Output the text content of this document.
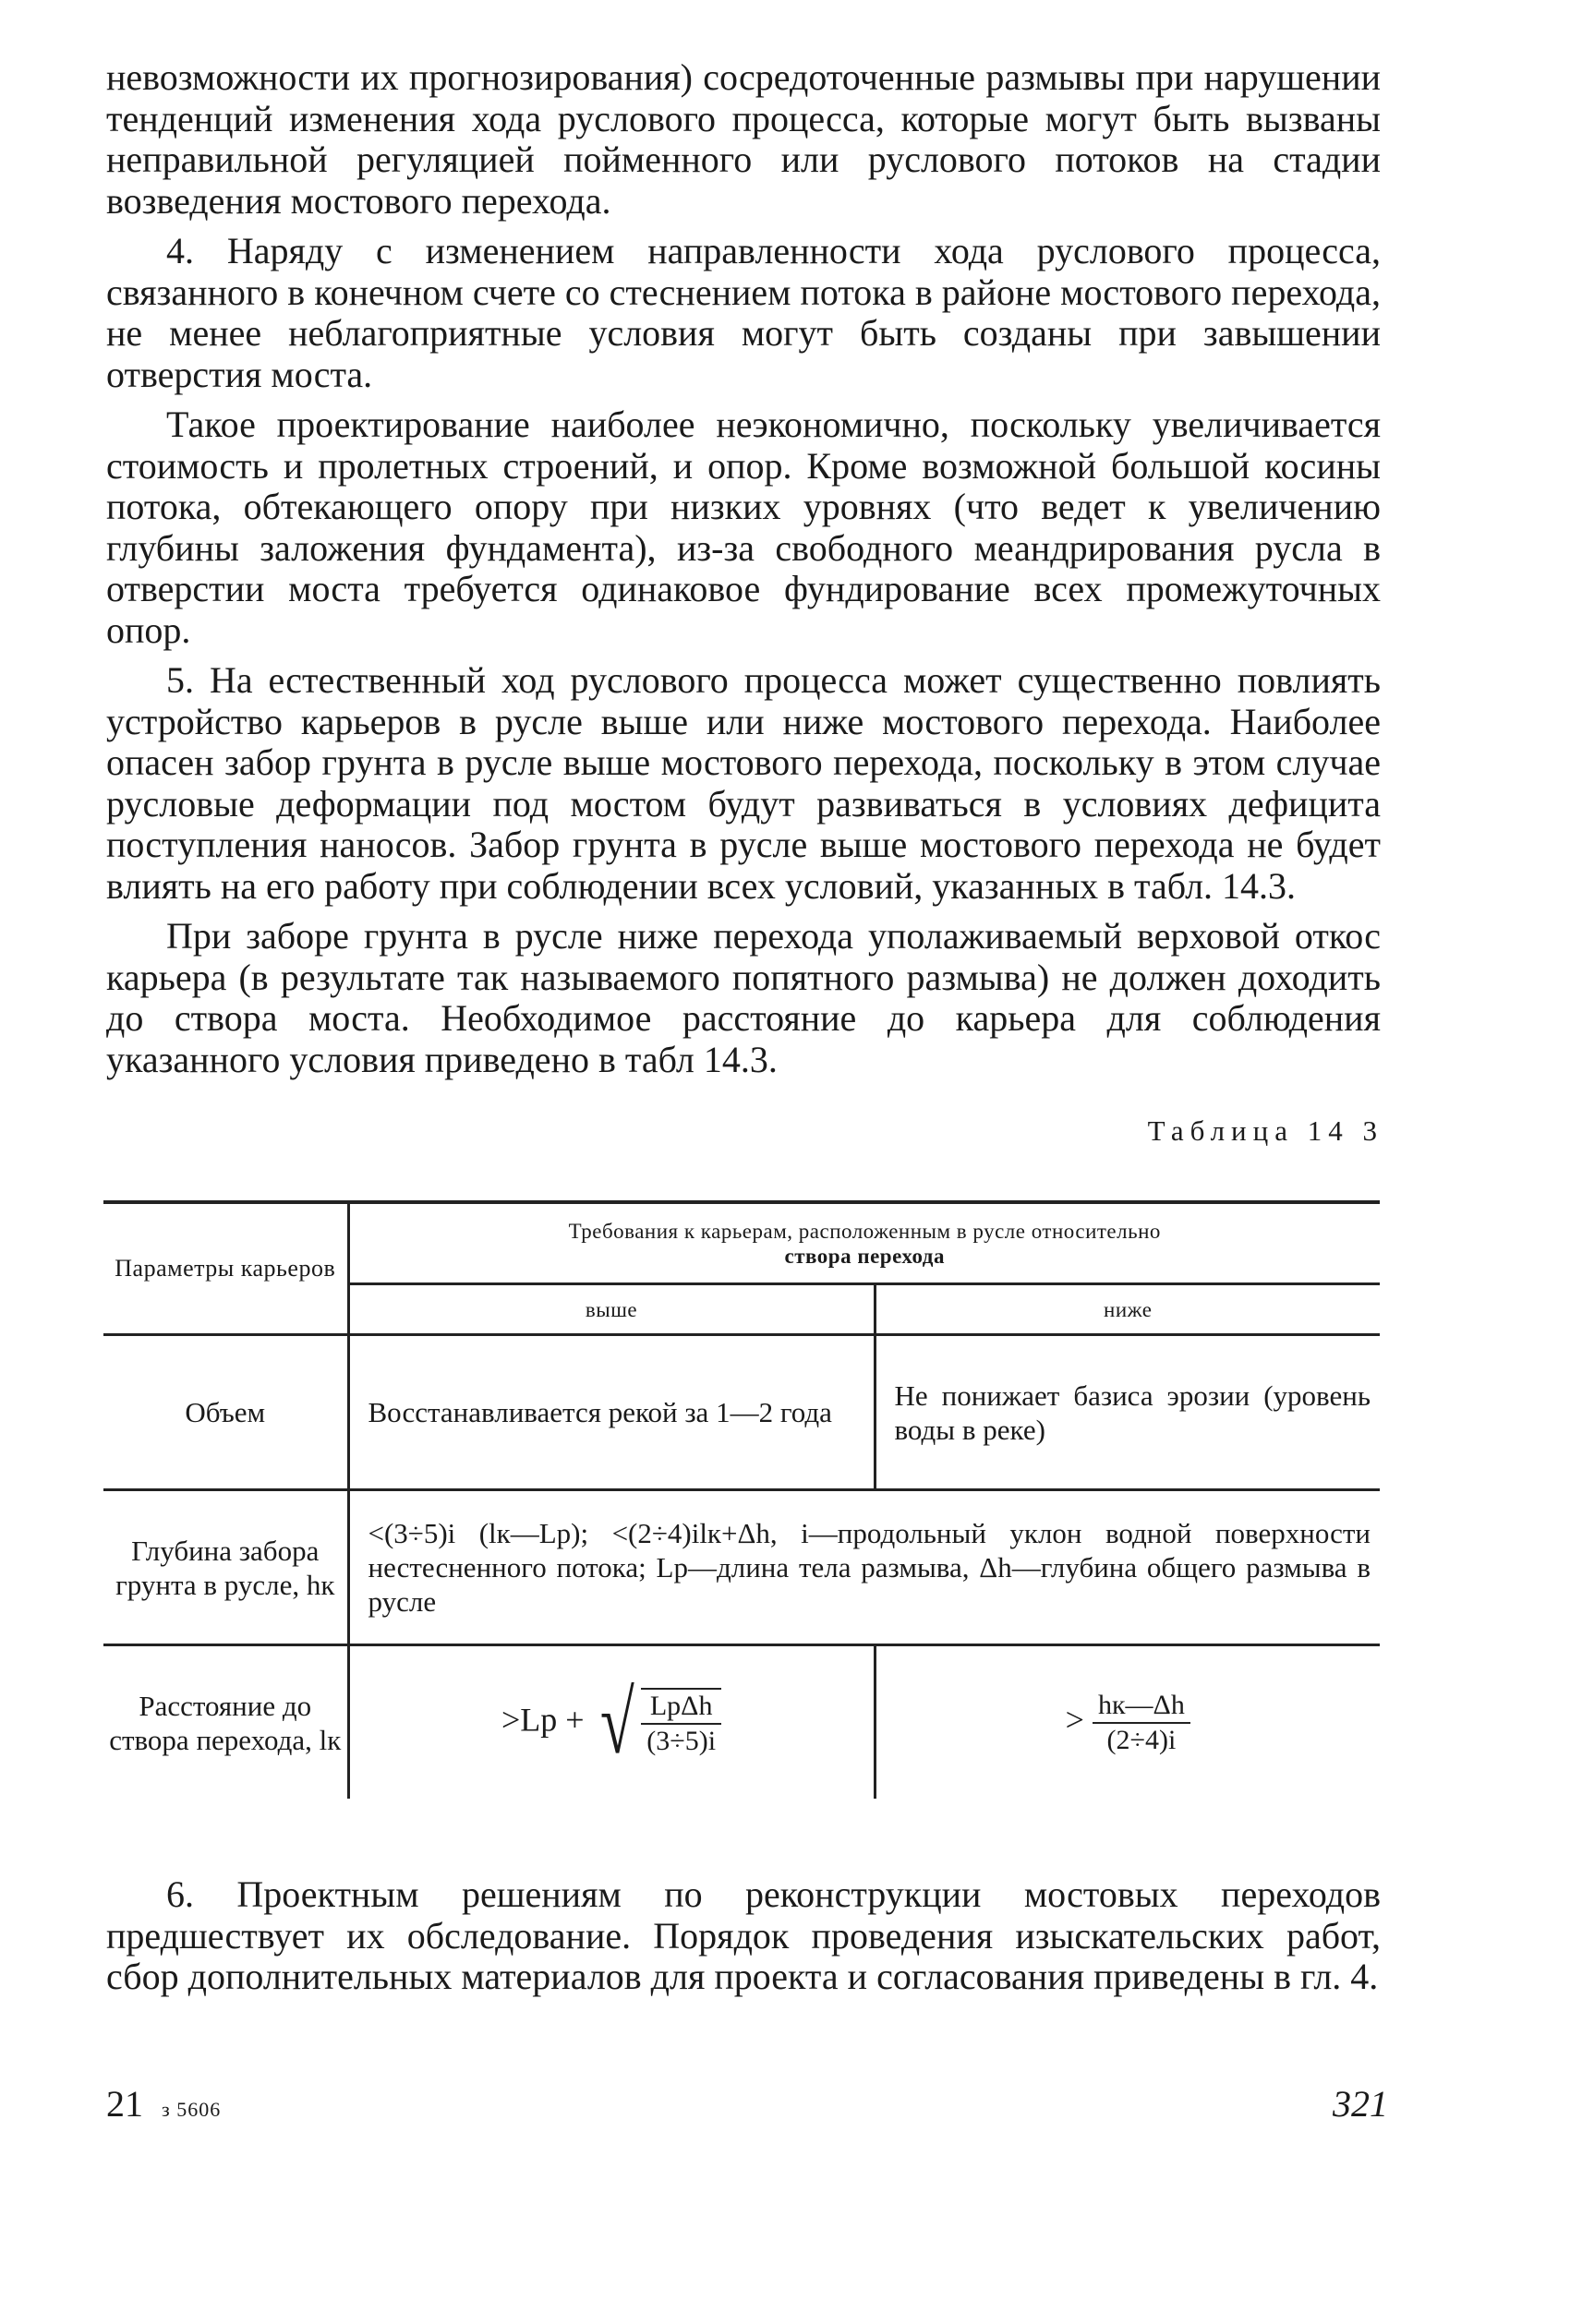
невозможности их прогнозирования) сосредоточенные размывы при нарушении тенденций изменения хода руслового процесса, которые могут быть вызваны неправильной регуляцией пойменного или руслового потоков на стадии возведения мостового перехода.

4. Наряду с изменением направленности хода руслового процесса, связанного в конечном счете со стеснением потока в районе мостового перехода, не менее неблагоприятные условия могут быть созданы при завышении отверстия моста.

Такое проектирование наиболее неэкономично, поскольку увеличивается стоимость и пролетных строений, и опор. Кроме возможной большой косины потока, обтекающего опору при низких уровнях (что ведет к увеличению глубины заложения фундамента), из-за свободного меандрирования русла в отверстии моста требуется одинаковое фундирование всех промежуточных опор.

5. На естественный ход руслового процесса может существенно повлиять устройство карьеров в русле выше или ниже мостового перехода. Наиболее опасен забор грунта в русле выше мостового перехода, поскольку в этом случае русловые деформации под мостом будут развиваться в условиях дефицита поступления наносов. Забор грунта в русле выше мостового перехода не будет влиять на его работу при соблюдении всех условий, указанных в табл. 14.3.

При заборе грунта в русле ниже перехода уполаживаемый верховой откос карьера (в результате так называемого попятного размыва) не должен доходить до створа моста. Необходимое расстояние до карьера для соблюдения указанного условия приведено в табл 14.3.

Таблица 14 3
Параметры карьеров	Требования к карьерам, расположенным в русле относительно
створа перехода	
	выше	ниже
Объем	Восстанавливается рекой за 1—2 года	Не понижает базиса эрозии (уровень воды в реке)
Глубина забора грунта в русле, hк	<(3÷5)i (lк—Lp); <(2÷4)ilк+Δh, i—продольный уклон водной поверхности нестесненного потока; Lp—длина тела размыва, Δh—глубина общего размыва в русле	
Расстояние до створа перехода, lк	>Lp + √ $\frac{\text{LpΔh}}{(3\div 5)i}$	> $\frac{hк—\Delta h}{(2\div 4)i}$

6. Проектным решениям по реконструкции мостовых переходов предшествует их обследование. Порядок проведения изыскательских работ, сбор дополнительных материалов для проекта и согласования приведены в гл. 4.

21 з 5606	321
